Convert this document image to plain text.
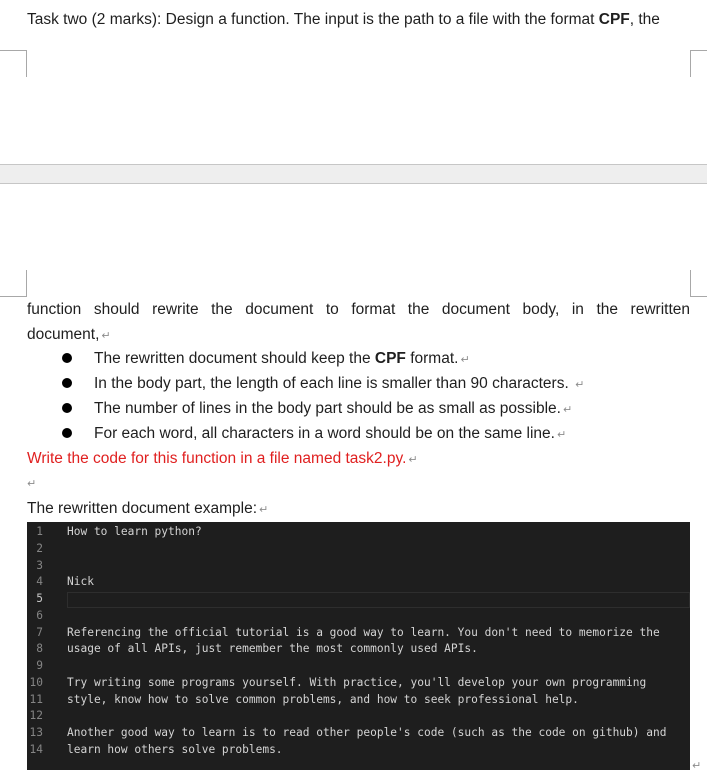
Task two (2 marks): Design a function. The input is the path to a file with the format CPF, the
function should rewrite the document to format the document body, in the rewritten
document, ↵
The rewritten document should keep the CPF format. ↵
In the body part, the length of each line is smaller than 90 characters. ↵
The number of lines in the body part should be as small as possible. ↵
For each word, all characters in a word should be on the same line. ↵
Write the code for this function in a file named task2.py. ↵
↵
The rewritten document example: ↵
1
2
3
4
5
6
7
8
9
10
11
12
13
14
How to learn python?
Nick
Referencing the official tutorial is a good way to learn. You don't need to memorize the
usage of all APIs, just remember the most commonly used APIs.
Try writing some programs yourself. With practice, you'll develop your own programming
style, know how to solve common problems, and how to seek professional help.
Another good way to learn is to read other people's code (such as the code on github) and
learn how others solve problems.
↵
